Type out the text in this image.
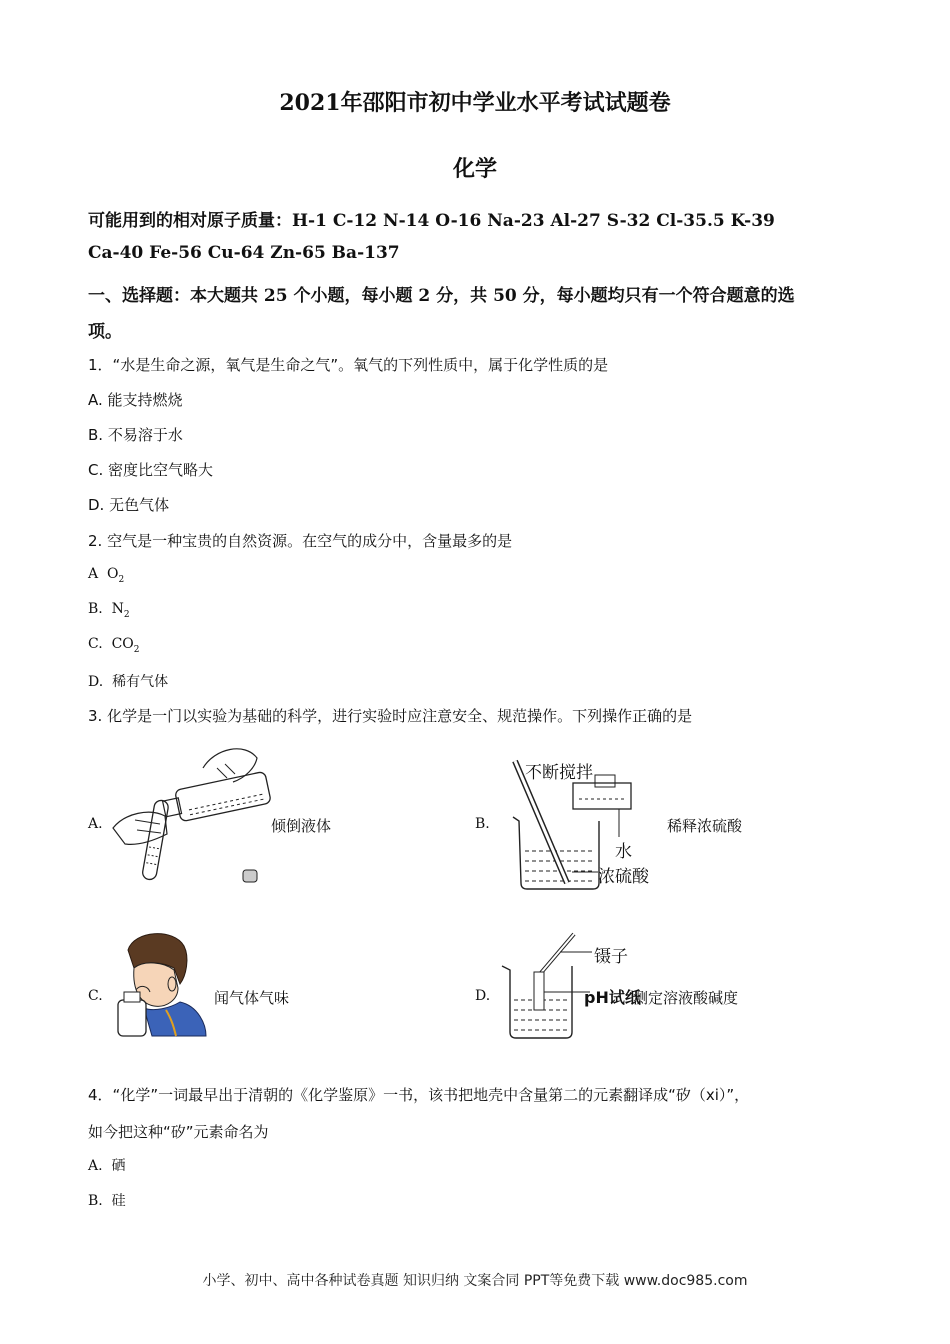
2021年邵阳市初中学业水平考试试题卷
化学
可能用到的相对原子质量：H-1 C-12 N-14 O-16 Na-23 Al-27 S-32 Cl-35.5 K-39
Ca-40 Fe-56 Cu-64 Zn-65 Ba-137
一、选择题：本大题共 25 个小题，每小题 2 分，共 50 分，每小题均只有一个符合题意的选
项。
1．“水是生命之源，氧气是生命之气”。氧气的下列性质中，属于化学性质的是
A. 能支持燃烧
B. 不易溶于水
C. 密度比空气略大
D. 无色气体
2. 空气是一种宝贵的自然资源。在空气的成分中，含量最多的是
A $O_2$
B. $N_2$
C. $CO_2$
D. 稀有气体
3. 化学是一门以实验为基础的科学，进行实验时应注意安全、规范操作。下列操作正确的是
A.	倾倒液体	B.
不断搅拌
水
浓硫酸
稀释浓硫酸
C.	闻气体气味	D.
镊子
pH试纸
测定溶液酸碱度
4．“化学”一词最早出于清朝的《化学鉴原》一书，该书把地壳中含量第二的元素翻译成“矽（xi）”，
如今把这种“矽”元素命名为
A. 硒
B. 硅
小学、初中、高中各种试卷真题 知识归纳 文案合同 PPT等免费下载 www.doc985.com
